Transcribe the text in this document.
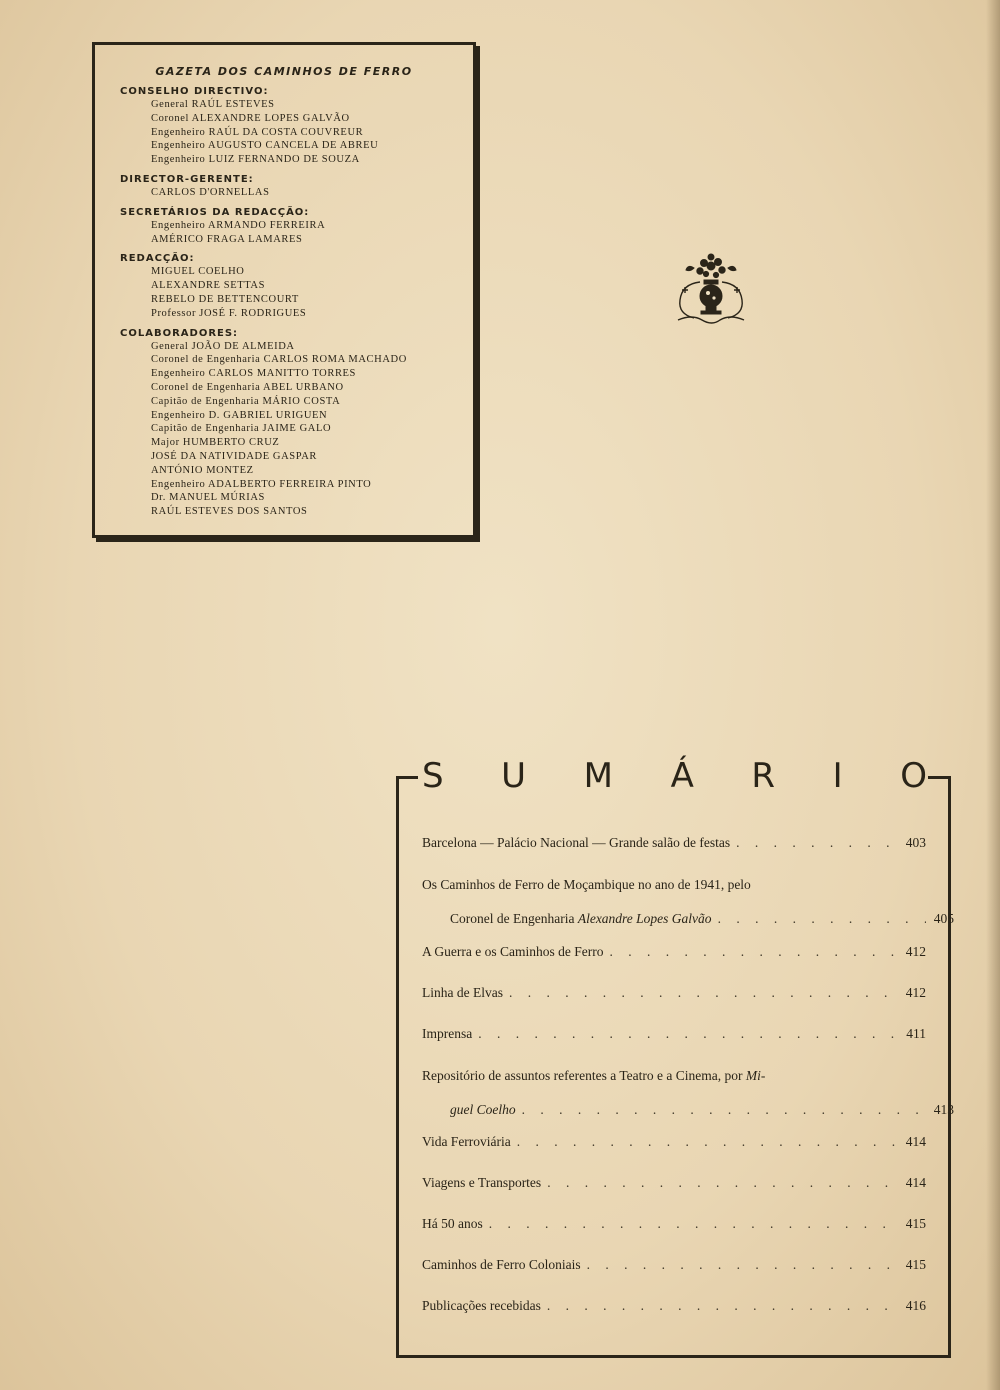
GAZETA DOS CAMINHOS DE FERRO
CONSELHO DIRECTIVO:
General RAÚL ESTEVES
Coronel ALEXANDRE LOPES GALVÃO
Engenheiro RAÚL DA COSTA COUVREUR
Engenheiro AUGUSTO CANCELA DE ABREU
Engenheiro LUIZ FERNANDO DE SOUZA
DIRECTOR-GERENTE:
CARLOS D'ORNELLAS
SECRETÁRIOS DA REDACÇÃO:
Engenheiro ARMANDO FERREIRA
AMÉRICO FRAGA LAMARES
REDACÇÃO:
MIGUEL COELHO
ALEXANDRE SETTAS
REBELO DE BETTENCOURT
Professor JOSÉ F. RODRIGUES
COLABORADORES:
General JOÃO DE ALMEIDA
Coronel de Engenharia CARLOS ROMA MACHADO
Engenheiro CARLOS MANITTO TORRES
Coronel de Engenharia ABEL URBANO
Capitão de Engenharia MÁRIO COSTA
Engenheiro D. GABRIEL URIGUEN
Capitão de Engenharia JAIME GALO
Major HUMBERTO CRUZ
JOSÉ DA NATIVIDADE GASPAR
ANTÓNIO MONTEZ
Engenheiro ADALBERTO FERREIRA PINTO
Dr. MANUEL MÚRIAS
RAÚL ESTEVES DOS SANTOS
S U M Á R I O
Barcelona — Palácio Nacional — Grande salão de festas . . .	403
Os Caminhos de Ferro de Moçambique no ano de 1941, pelo
Coronel de Engenharia Alexandre Lopes Galvão . . .	405
A Guerra e os Caminhos de Ferro . . .	412
Linha de Elvas . . .	412
Imprensa . . .	411
Repositório de assuntos referentes a Teatro e a Cinema, por Mi-
guel Coelho . . .	413
Vida Ferroviária . . .	414
Viagens e Transportes . . .	414
Há 50 anos . . .	415
Caminhos de Ferro Coloniais . . .	415
Publicações recebidas . . .	416
